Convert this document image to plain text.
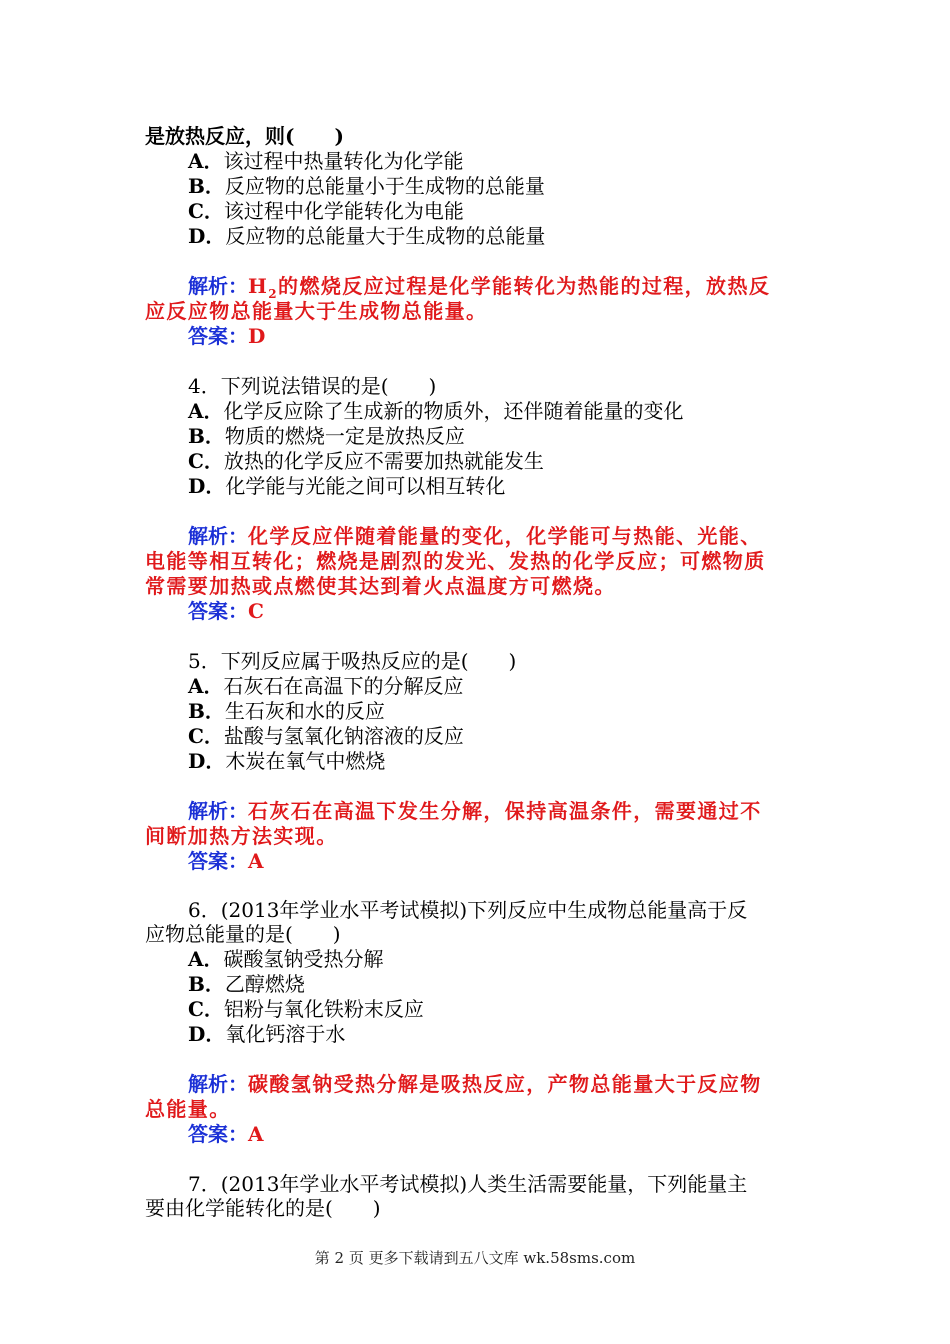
是放热反应，则(　　)
A．该过程中热量转化为化学能
B．反应物的总能量小于生成物的总能量
C．该过程中化学能转化为电能
D．反应物的总能量大于生成物的总能量
解析：$H_2$的燃烧反应过程是化学能转化为热能的过程，放热反
应反应物总能量大于生成物总能量。
答案：D
4．下列说法错误的是(　　)
A．化学反应除了生成新的物质外，还伴随着能量的变化
B．物质的燃烧一定是放热反应
C．放热的化学反应不需要加热就能发生
D．化学能与光能之间可以相互转化
解析：化学反应伴随着能量的变化，化学能可与热能、光能、
电能等相互转化；燃烧是剧烈的发光、发热的化学反应；可燃物质
常需要加热或点燃使其达到着火点温度方可燃烧。
答案：C
5．下列反应属于吸热反应的是(　　)
A．石灰石在高温下的分解反应
B．生石灰和水的反应
C．盐酸与氢氧化钠溶液的反应
D．木炭在氧气中燃烧
解析：石灰石在高温下发生分解，保持高温条件，需要通过不
间断加热方法实现。
答案：A
6．(2013年学业水平考试模拟)下列反应中生成物总能量高于反
应物总能量的是(　　)
A．碳酸氢钠受热分解
B．乙醇燃烧
C．铝粉与氧化铁粉末反应
D．氧化钙溶于水
解析：碳酸氢钠受热分解是吸热反应，产物总能量大于反应物
总能量。
答案：A
7．(2013年学业水平考试模拟)人类生活需要能量，下列能量主
要由化学能转化的是(　　)
第 2 页 更多下载请到五八文库 wk.58sms.com
